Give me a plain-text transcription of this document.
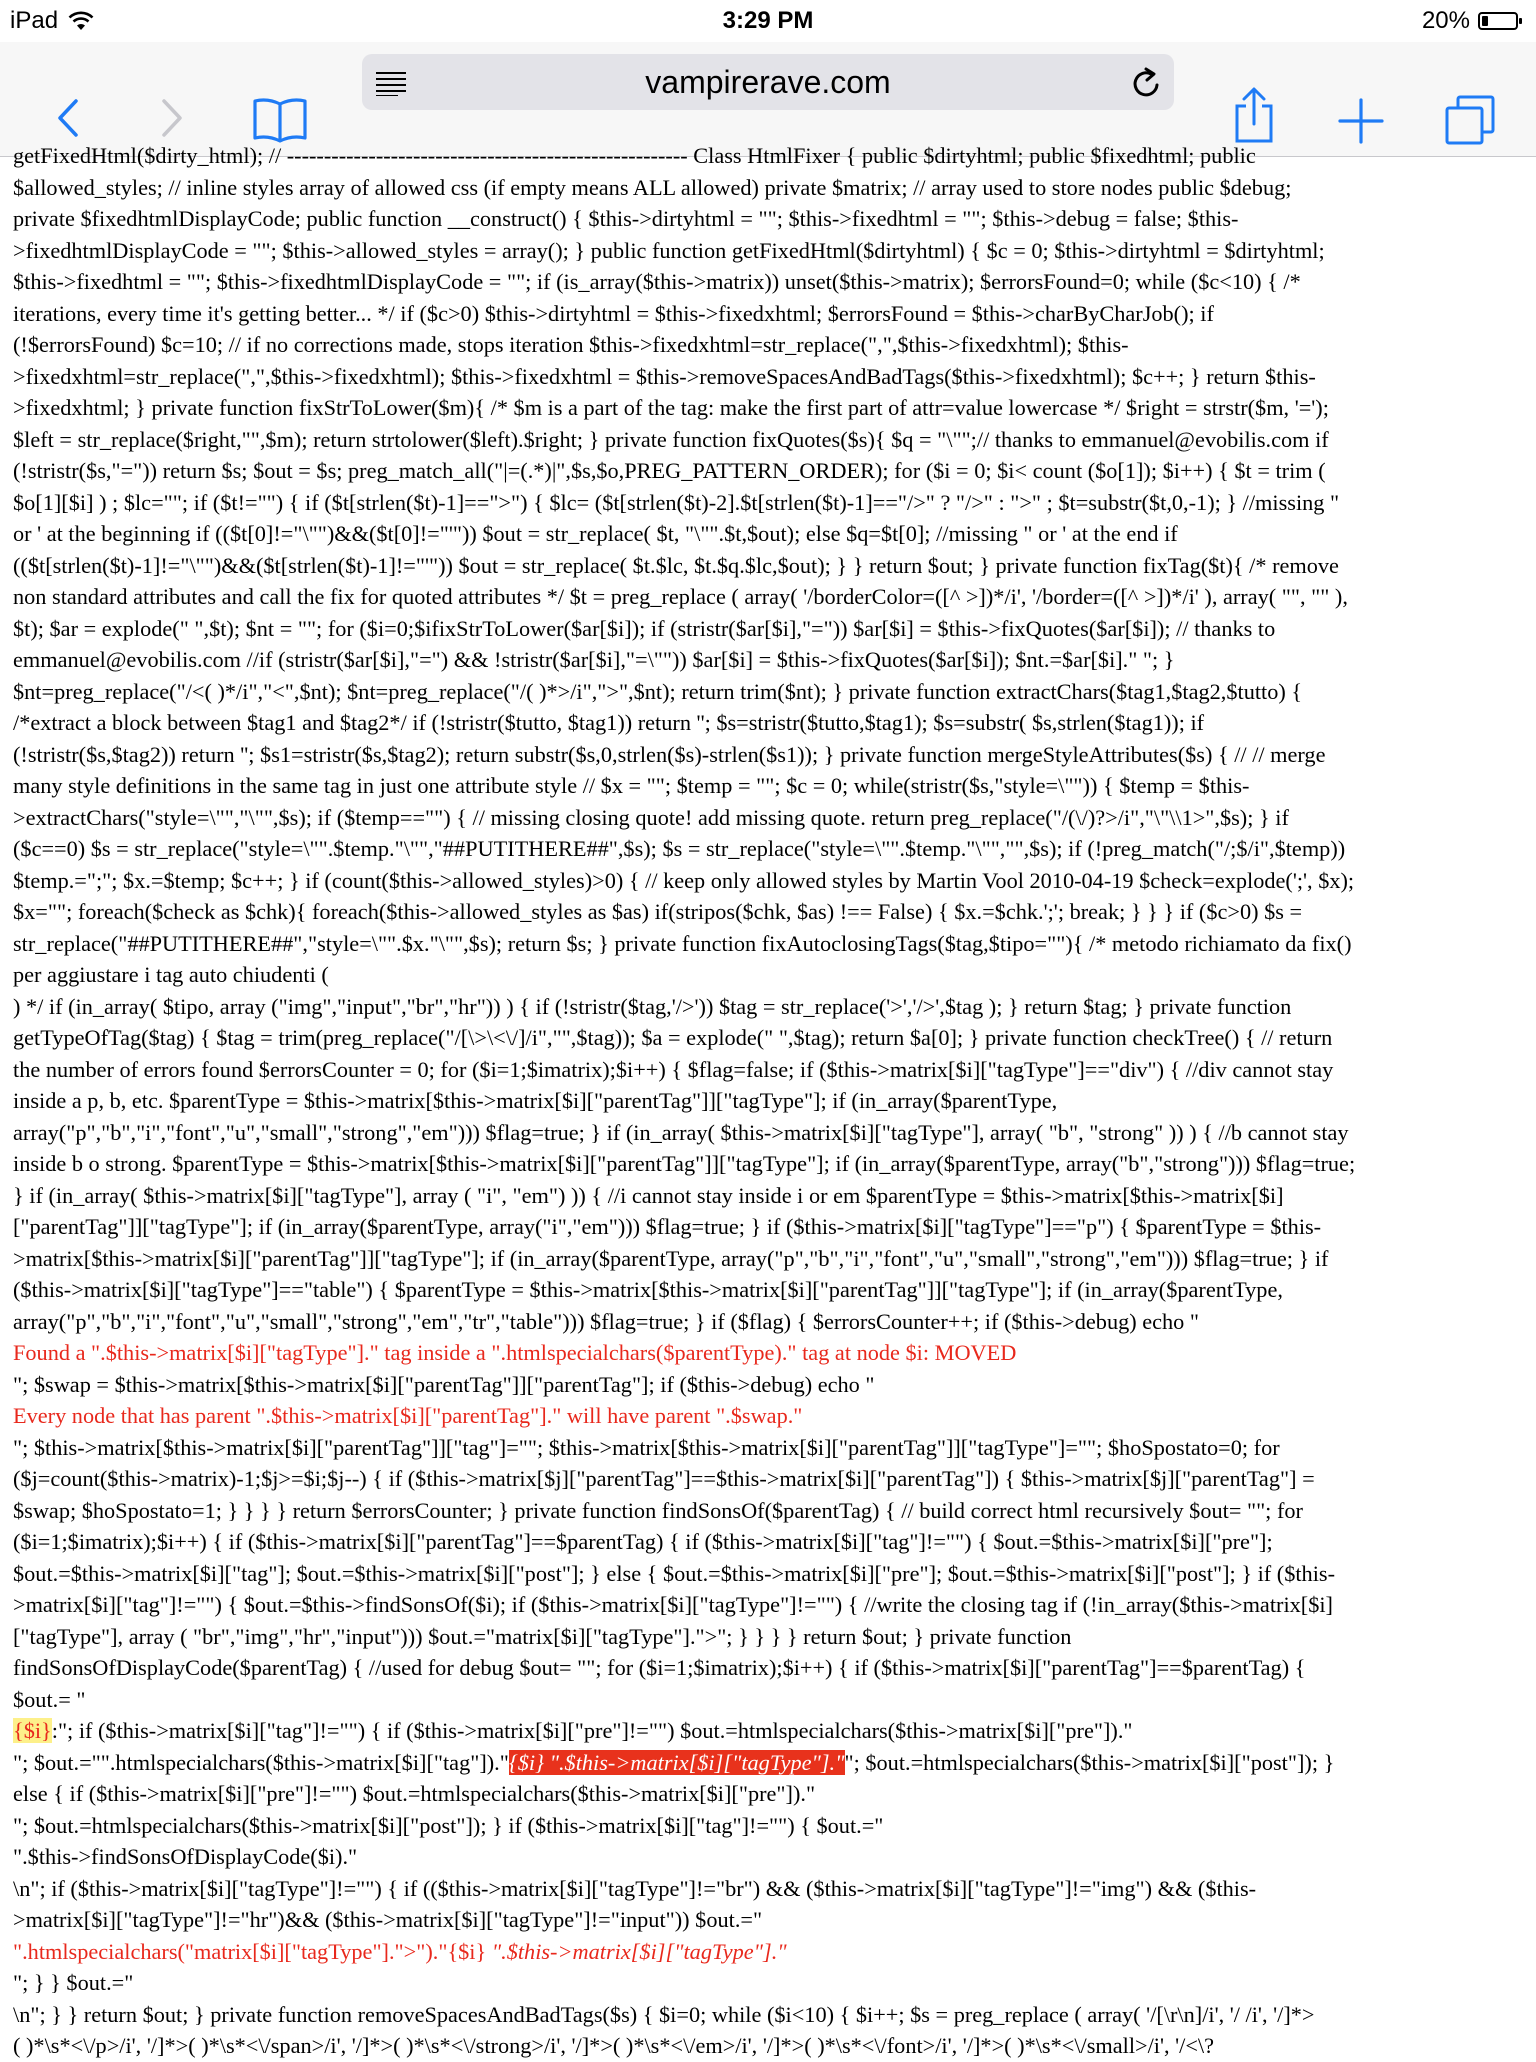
iPad	3:29 PM	20%
vampirerave.com
getFixedHtml($dirty_html); // ------------------------------------------------------ Class HtmlFixer { public $dirtyhtml; public $fixedhtml; public
$allowed_styles; // inline styles array of allowed css (if empty means ALL allowed) private $matrix; // array used to store nodes public $debug;
private $fixedhtmlDisplayCode; public function __construct() { $this->dirtyhtml = ""; $this->fixedhtml = ""; $this->debug = false; $this-
>fixedhtmlDisplayCode = ""; $this->allowed_styles = array(); } public function getFixedHtml($dirtyhtml) { $c = 0; $this->dirtyhtml = $dirtyhtml;
$this->fixedhtml = ""; $this->fixedhtmlDisplayCode = ""; if (is_array($this->matrix)) unset($this->matrix); $errorsFound=0; while ($c<10) { /*
iterations, every time it's getting better... */ if ($c>0) $this->dirtyhtml = $this->fixedxhtml; $errorsFound = $this->charByCharJob(); if
(!$errorsFound) $c=10; // if no corrections made, stops iteration $this->fixedxhtml=str_replace(",",$this->fixedxhtml); $this-
>fixedxhtml=str_replace(",",$this->fixedxhtml); $this->fixedxhtml = $this->removeSpacesAndBadTags($this->fixedxhtml); $c++; } return $this-
>fixedxhtml; } private function fixStrToLower($m){ /* $m is a part of the tag: make the first part of attr=value lowercase */ $right = strstr($m, '=');
$left = str_replace($right,"",$m); return strtolower($left).$right; } private function fixQuotes($s){ $q = "\"";// thanks to emmanuel@evobilis.com if
(!stristr($s,"=")) return $s; $out = $s; preg_match_all("|=(.*)|",$s,$o,PREG_PATTERN_ORDER); for ($i = 0; $i< count ($o[1]); $i++) { $t = trim (
$o[1][$i] ) ; $lc=""; if ($t!="") { if ($t[strlen($t)-1]==">") { $lc= ($t[strlen($t)-2].$t[strlen($t)-1]=="/>" ? "/>" : ">" ; $t=substr($t,0,-1); } //missing "
or ' at the beginning if (($t[0]!="\"")&&($t[0]!="'")) $out = str_replace( $t, "\"".$t,$out); else $q=$t[0]; //missing " or ' at the end if
(($t[strlen($t)-1]!="\"")&&($t[strlen($t)-1]!="'")) $out = str_replace( $t.$lc, $t.$q.$lc,$out); } } return $out; } private function fixTag($t){ /* remove
non standard attributes and call the fix for quoted attributes */ $t = preg_replace ( array( '/borderColor=([^ >])*/i', '/border=([^ >])*/i' ), array( "", "" ),
$t); $ar = explode(" ",$t); $nt = ""; for ($i=0;$ifixStrToLower($ar[$i]); if (stristr($ar[$i],"=")) $ar[$i] = $this->fixQuotes($ar[$i]); // thanks to
emmanuel@evobilis.com //if (stristr($ar[$i],"=") && !stristr($ar[$i],"=\"")) $ar[$i] = $this->fixQuotes($ar[$i]); $nt.=$ar[$i]." "; }
$nt=preg_replace("/<( )*/i","<",$nt); $nt=preg_replace("/( )*>/i",">",$nt); return trim($nt); } private function extractChars($tag1,$tag2,$tutto) {
/*extract a block between $tag1 and $tag2*/ if (!stristr($tutto, $tag1)) return ''; $s=stristr($tutto,$tag1); $s=substr( $s,strlen($tag1)); if
(!stristr($s,$tag2)) return ''; $s1=stristr($s,$tag2); return substr($s,0,strlen($s)-strlen($s1)); } private function mergeStyleAttributes($s) { // // merge
many style definitions in the same tag in just one attribute style // $x = ""; $temp = ""; $c = 0; while(stristr($s,"style=\"")) { $temp = $this-
>extractChars("style=\"","\"",$s); if ($temp=="") { // missing closing quote! add missing quote. return preg_replace("/(\/)?>/i","\"\\1>",$s); } if
($c==0) $s = str_replace("style=\"".$temp."\"","##PUTITHERE##",$s); $s = str_replace("style=\"".$temp."\"","",$s); if (!preg_match("/;$/i",$temp))
$temp.=";"; $x.=$temp; $c++; } if (count($this->allowed_styles)>0) { // keep only allowed styles by Martin Vool 2010-04-19 $check=explode(';', $x);
$x=""; foreach($check as $chk){ foreach($this->allowed_styles as $as) if(stripos($chk, $as) !== False) { $x.=$chk.';'; break; } } } if ($c>0) $s =
str_replace("##PUTITHERE##","style=\"".$x."\"",$s); return $s; } private function fixAutoclosingTags($tag,$tipo=""){ /* metodo richiamato da fix()
per aggiustare i tag auto chiudenti (
) */ if (in_array( $tipo, array ("img","input","br","hr")) ) { if (!stristr($tag,'/>')) $tag = str_replace('>','/>',$tag ); } return $tag; } private function
getTypeOfTag($tag) { $tag = trim(preg_replace("/[\>\<\/]/i","",$tag)); $a = explode(" ",$tag); return $a[0]; } private function checkTree() { // return
the number of errors found $errorsCounter = 0; for ($i=1;$imatrix);$i++) { $flag=false; if ($this->matrix[$i]["tagType"]=="div") { //div cannot stay
inside a p, b, etc. $parentType = $this->matrix[$this->matrix[$i]["parentTag"]]["tagType"]; if (in_array($parentType,
array("p","b","i","font","u","small","strong","em"))) $flag=true; } if (in_array( $this->matrix[$i]["tagType"], array( "b", "strong" )) ) { //b cannot stay
inside b o strong. $parentType = $this->matrix[$this->matrix[$i]["parentTag"]]["tagType"]; if (in_array($parentType, array("b","strong"))) $flag=true;
} if (in_array( $this->matrix[$i]["tagType"], array ( "i", "em") )) { //i cannot stay inside i or em $parentType = $this->matrix[$this->matrix[$i]
["parentTag"]]["tagType"]; if (in_array($parentType, array("i","em"))) $flag=true; } if ($this->matrix[$i]["tagType"]=="p") { $parentType = $this-
>matrix[$this->matrix[$i]["parentTag"]]["tagType"]; if (in_array($parentType, array("p","b","i","font","u","small","strong","em"))) $flag=true; } if
($this->matrix[$i]["tagType"]=="table") { $parentType = $this->matrix[$this->matrix[$i]["parentTag"]]["tagType"]; if (in_array($parentType,
array("p","b","i","font","u","small","strong","em","tr","table"))) $flag=true; } if ($flag) { $errorsCounter++; if ($this->debug) echo "
Found a ".$this->matrix[$i]["tagType"]." tag inside a ".htmlspecialchars($parentType)." tag at node $i: MOVED
"; $swap = $this->matrix[$this->matrix[$i]["parentTag"]]["parentTag"]; if ($this->debug) echo "
Every node that has parent ".$this->matrix[$i]["parentTag"]." will have parent ".$swap."
"; $this->matrix[$this->matrix[$i]["parentTag"]]["tag"]=""; $this->matrix[$this->matrix[$i]["parentTag"]]["tagType"]=""; $hoSpostato=0; for
($j=count($this->matrix)-1;$j>=$i;$j--) { if ($this->matrix[$j]["parentTag"]==$this->matrix[$i]["parentTag"]) { $this->matrix[$j]["parentTag"] =
$swap; $hoSpostato=1; } } } } return $errorsCounter; } private function findSonsOf($parentTag) { // build correct html recursively $out= ""; for
($i=1;$imatrix);$i++) { if ($this->matrix[$i]["parentTag"]==$parentTag) { if ($this->matrix[$i]["tag"]!="") { $out.=$this->matrix[$i]["pre"];
$out.=$this->matrix[$i]["tag"]; $out.=$this->matrix[$i]["post"]; } else { $out.=$this->matrix[$i]["pre"]; $out.=$this->matrix[$i]["post"]; } if ($this-
>matrix[$i]["tag"]!="") { $out.=$this->findSonsOf($i); if ($this->matrix[$i]["tagType"]!="") { //write the closing tag if (!in_array($this->matrix[$i]
["tagType"], array ( "br","img","hr","input"))) $out.="matrix[$i]["tagType"].">"; } } } } return $out; } private function
findSonsOfDisplayCode($parentTag) { //used for debug $out= ""; for ($i=1;$imatrix);$i++) { if ($this->matrix[$i]["parentTag"]==$parentTag) {
$out.= "
{$i}:"; if ($this->matrix[$i]["tag"]!="") { if ($this->matrix[$i]["pre"]!="") $out.=htmlspecialchars($this->matrix[$i]["pre"])."
"; $out.="".htmlspecialchars($this->matrix[$i]["tag"])."{$i} ".$this->matrix[$i]["tagType"].""; $out.=htmlspecialchars($this->matrix[$i]["post"]); }
else { if ($this->matrix[$i]["pre"]!="") $out.=htmlspecialchars($this->matrix[$i]["pre"])."
"; $out.=htmlspecialchars($this->matrix[$i]["post"]); } if ($this->matrix[$i]["tag"]!="") { $out.="
".$this->findSonsOfDisplayCode($i)."
\n"; if ($this->matrix[$i]["tagType"]!="") { if (($this->matrix[$i]["tagType"]!="br") && ($this->matrix[$i]["tagType"]!="img") && ($this-
>matrix[$i]["tagType"]!="hr")&& ($this->matrix[$i]["tagType"]!="input")) $out.="
".htmlspecialchars("matrix[$i]["tagType"].">")."{$i} ".$this->matrix[$i]["tagType"]."
"; } } $out.="
\n"; } } return $out; } private function removeSpacesAndBadTags($s) { $i=0; while ($i<10) { $i++; $s = preg_replace ( array( '/[\r\n]/i', '/ /i', '/]*>
( )*\s*<\/p>/i', '/]*>( )*\s*<\/span>/i', '/]*>( )*\s*<\/strong>/i', '/]*>( )*\s*<\/em>/i', '/]*>( )*\s*<\/font>/i', '/]*>( )*\s*<\/small>/i', '/<\?
